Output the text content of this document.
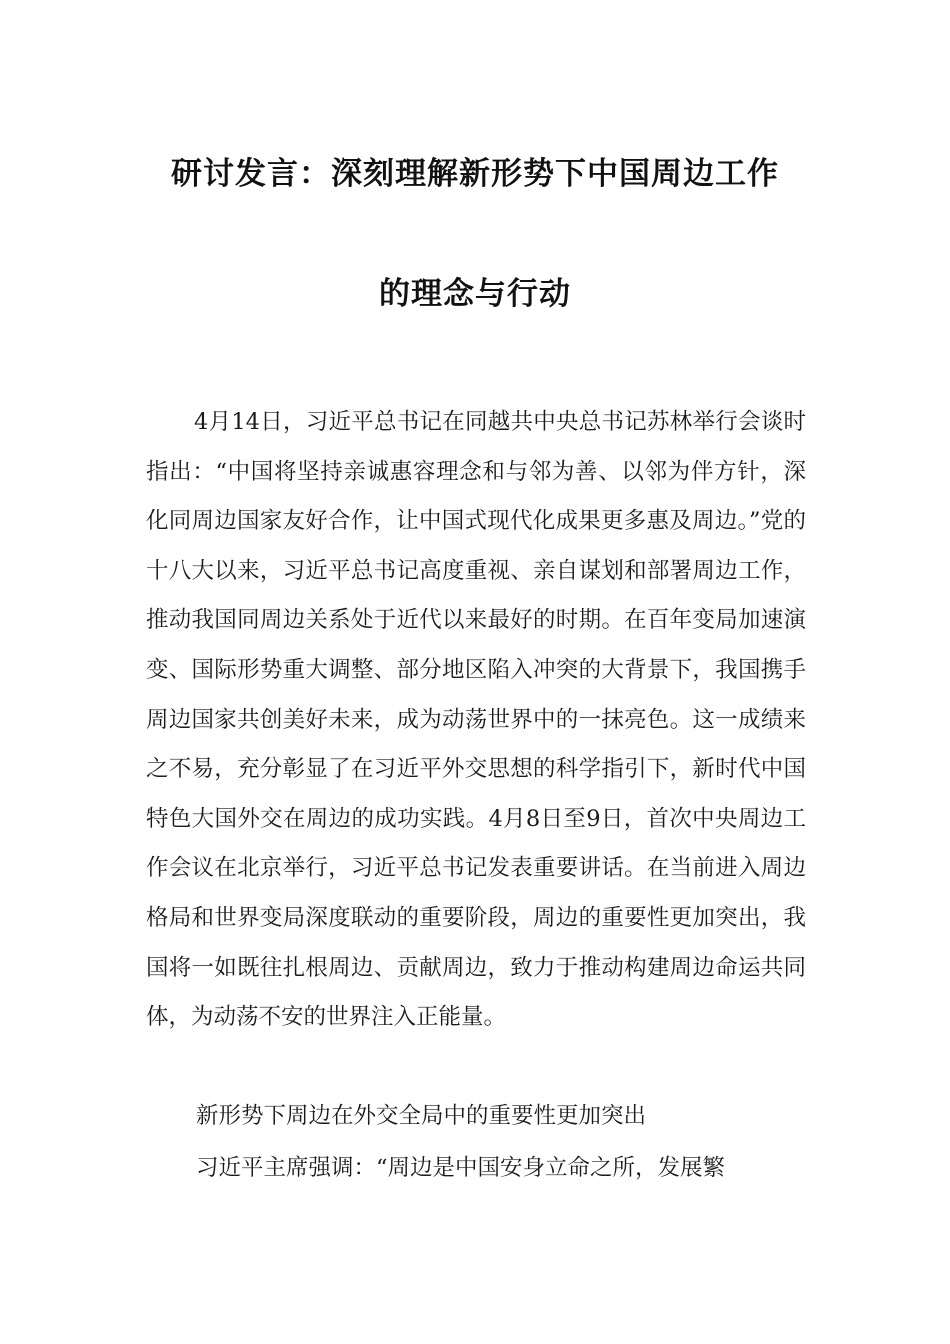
研讨发言：深刻理解新形势下中国周边工作
的理念与行动
4月14日，习近平总书记在同越共中央总书记苏林举行会谈时指出：“中国将坚持亲诚惠容理念和与邻为善、以邻为伴方针，深化同周边国家友好合作，让中国式现代化成果更多惠及周边。”党的十八大以来，习近平总书记高度重视、亲自谋划和部署周边工作，推动我国同周边关系处于近代以来最好的时期。在百年变局加速演变、国际形势重大调整、部分地区陷入冲突的大背景下，我国携手周边国家共创美好未来，成为动荡世界中的一抹亮色。这一成绩来之不易，充分彰显了在习近平外交思想的科学指引下，新时代中国特色大国外交在周边的成功实践。4月8日至9日，首次中央周边工作会议在北京举行，习近平总书记发表重要讲话。在当前进入周边格局和世界变局深度联动的重要阶段，周边的重要性更加突出，我国将一如既往扎根周边、贡献周边，致力于推动构建周边命运共同体，为动荡不安的世界注入正能量。
新形势下周边在外交全局中的重要性更加突出
习近平主席强调：“周边是中国安身立命之所，发展繁
